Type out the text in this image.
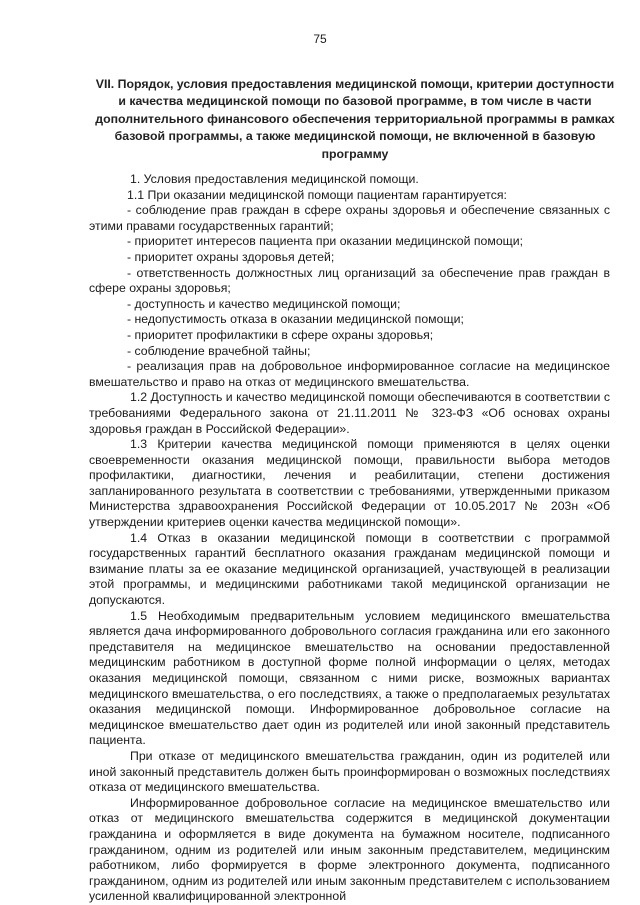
75
VII. Порядок, условия предоставления медицинской помощи, критерии доступности и качества медицинской помощи по базовой программе, в том числе в части дополнительного финансового обеспечения территориальной программы в рамках базовой программы, а также медицинской помощи, не включенной в базовую программу

1. Условия предоставления медицинской помощи.

1.1 При оказании медицинской помощи пациентам гарантируется:

- соблюдение прав граждан в сфере охраны здоровья и обеспечение связанных с этими правами государственных гарантий;

- приоритет интересов пациента при оказании медицинской помощи;

- приоритет охраны здоровья детей;

- ответственность должностных лиц организаций за обеспечение прав граждан в сфере охраны здоровья;

- доступность и качество медицинской помощи;

- недопустимость отказа в оказании медицинской помощи;

- приоритет профилактики в сфере охраны здоровья;

- соблюдение врачебной тайны;

- реализация прав на добровольное информированное согласие на медицинское вмешательство и право на отказ от медицинского вмешательства.

1.2 Доступность и качество медицинской помощи обеспечиваются в соответствии с требованиями Федерального закона от 21.11.2011 № 323-ФЗ «Об основах охраны здоровья граждан в Российской Федерации».

1.3 Критерии качества медицинской помощи применяются в целях оценки своевременности оказания медицинской помощи, правильности выбора методов профилактики, диагностики, лечения и реабилитации, степени достижения запланированного результата в соответствии с требованиями, утвержденными приказом Министерства здравоохранения Российской Федерации от 10.05.2017 № 203н «Об утверждении критериев оценки качества медицинской помощи».

1.4 Отказ в оказании медицинской помощи в соответствии с программой государственных гарантий бесплатного оказания гражданам медицинской помощи и взимание платы за ее оказание медицинской организацией, участвующей в реализации этой программы, и медицинскими работниками такой медицинской организации не допускаются.

1.5 Необходимым предварительным условием медицинского вмешательства является дача информированного добровольного согласия гражданина или его законного представителя на медицинское вмешательство на основании предоставленной медицинским работником в доступной форме полной информации о целях, методах оказания медицинской помощи, связанном с ними риске, возможных вариантах медицинского вмешательства, о его последствиях, а также о предполагаемых результатах оказания медицинской помощи. Информированное добровольное согласие на медицинское вмешательство дает один из родителей или иной законный представитель пациента.

При отказе от медицинского вмешательства гражданин, один из родителей или иной законный представитель должен быть проинформирован о возможных последствиях отказа от медицинского вмешательства.

Информированное добровольное согласие на медицинское вмешательство или отказ от медицинского вмешательства содержится в медицинской документации гражданина и оформляется в виде документа на бумажном носителе, подписанного гражданином, одним из родителей или иным законным представителем, медицинским работником, либо формируется в форме электронного документа, подписанного гражданином, одним из родителей или иным законным представителем с использованием усиленной квалифицированной электронной
